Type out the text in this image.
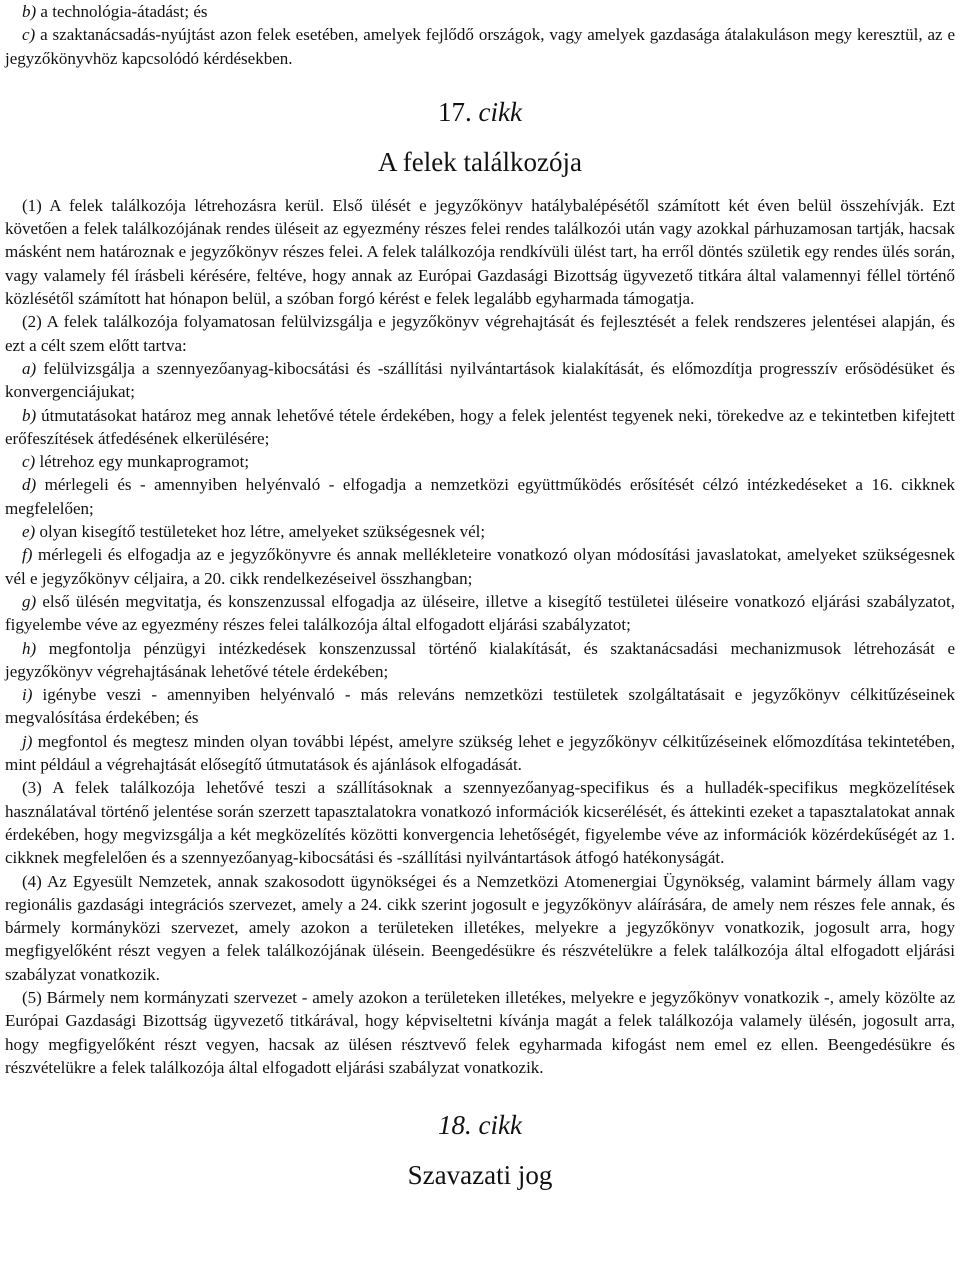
b) a technológia-átadást; és

c) a szaktanácsadás-nyújtást azon felek esetében, amelyek fejlődő országok, vagy amelyek gazdasága átalakuláson megy keresztül, az e jegyzőkönyvhöz kapcsolódó kérdésekben.

17. cikk
A felek találkozója

(1) A felek találkozója létrehozásra kerül. Első ülését e jegyzőkönyv hatálybalépésétől számított két éven belül összehívják. Ezt követően a felek találkozójának rendes üléseit az egyezmény részes felei rendes találkozói után vagy azokkal párhuzamosan tartják, hacsak másként nem határoznak e jegyzőkönyv részes felei. A felek találkozója rendkívüli ülést tart, ha erről döntés születik egy rendes ülés során, vagy valamely fél írásbeli kérésére, feltéve, hogy annak az Európai Gazdasági Bizottság ügyvezető titkára által valamennyi féllel történő közlésétől számított hat hónapon belül, a szóban forgó kérést e felek legalább egyharmada támogatja.

(2) A felek találkozója folyamatosan felülvizsgálja e jegyzőkönyv végrehajtását és fejlesztését a felek rendszeres jelentései alapján, és ezt a célt szem előtt tartva:

a) felülvizsgálja a szennyezőanyag-kibocsátási és -szállítási nyilvántartások kialakítását, és előmozdítja progresszív erősödésüket és konvergenciájukat;

b) útmutatásokat határoz meg annak lehetővé tétele érdekében, hogy a felek jelentést tegyenek neki, törekedve az e tekintetben kifejtett erőfeszítések átfedésének elkerülésére;

c) létrehoz egy munkaprogramot;

d) mérlegeli és - amennyiben helyénvaló - elfogadja a nemzetközi együttműködés erősítését célzó intézkedéseket a 16. cikknek megfelelően;

e) olyan kisegítő testületeket hoz létre, amelyeket szükségesnek vél;

f) mérlegeli és elfogadja az e jegyzőkönyvre és annak mellékleteire vonatkozó olyan módosítási javaslatokat, amelyeket szükségesnek vél e jegyzőkönyv céljaira, a 20. cikk rendelkezéseivel összhangban;

g) első ülésén megvitatja, és konszenzussal elfogadja az üléseire, illetve a kisegítő testületei üléseire vonatkozó eljárási szabályzatot, figyelembe véve az egyezmény részes felei találkozója által elfogadott eljárási szabályzatot;

h) megfontolja pénzügyi intézkedések konszenzussal történő kialakítását, és szaktanácsadási mechanizmusok létrehozását e jegyzőkönyv végrehajtásának lehetővé tétele érdekében;

i) igénybe veszi - amennyiben helyénvaló - más releváns nemzetközi testületek szolgáltatásait e jegyzőkönyv célkitűzéseinek megvalósítása érdekében; és

j) megfontol és megtesz minden olyan további lépést, amelyre szükség lehet e jegyzőkönyv célkitűzéseinek előmozdítása tekintetében, mint például a végrehajtását elősegítő útmutatások és ajánlások elfogadását.

(3) A felek találkozója lehetővé teszi a szállításoknak a szennyezőanyag-specifikus és a hulladék-specifikus megközelítések használatával történő jelentése során szerzett tapasztalatokra vonatkozó információk kicserélését, és áttekinti ezeket a tapasztalatokat annak érdekében, hogy megvizsgálja a két megközelítés közötti konvergencia lehetőségét, figyelembe véve az információk közérdekűségét az 1. cikknek megfelelően és a szennyezőanyag-kibocsátási és -szállítási nyilvántartások átfogó hatékonyságát.

(4) Az Egyesült Nemzetek, annak szakosodott ügynökségei és a Nemzetközi Atomenergiai Ügynökség, valamint bármely állam vagy regionális gazdasági integrációs szervezet, amely a 24. cikk szerint jogosult e jegyzőkönyv aláírására, de amely nem részes fele annak, és bármely kormányközi szervezet, amely azokon a területeken illetékes, melyekre a jegyzőkönyv vonatkozik, jogosult arra, hogy megfigyelőként részt vegyen a felek találkozójának ülésein. Beengedésükre és részvételükre a felek találkozója által elfogadott eljárási szabályzat vonatkozik.

(5) Bármely nem kormányzati szervezet - amely azokon a területeken illetékes, melyekre e jegyzőkönyv vonatkozik -, amely közölte az Európai Gazdasági Bizottság ügyvezető titkárával, hogy képviseltetni kívánja magát a felek találkozója valamely ülésén, jogosult arra, hogy megfigyelőként részt vegyen, hacsak az ülésen résztvevő felek egyharmada kifogást nem emel ez ellen. Beengedésükre és részvételükre a felek találkozója által elfogadott eljárási szabályzat vonatkozik.

18. cikk
Szavazati jog
